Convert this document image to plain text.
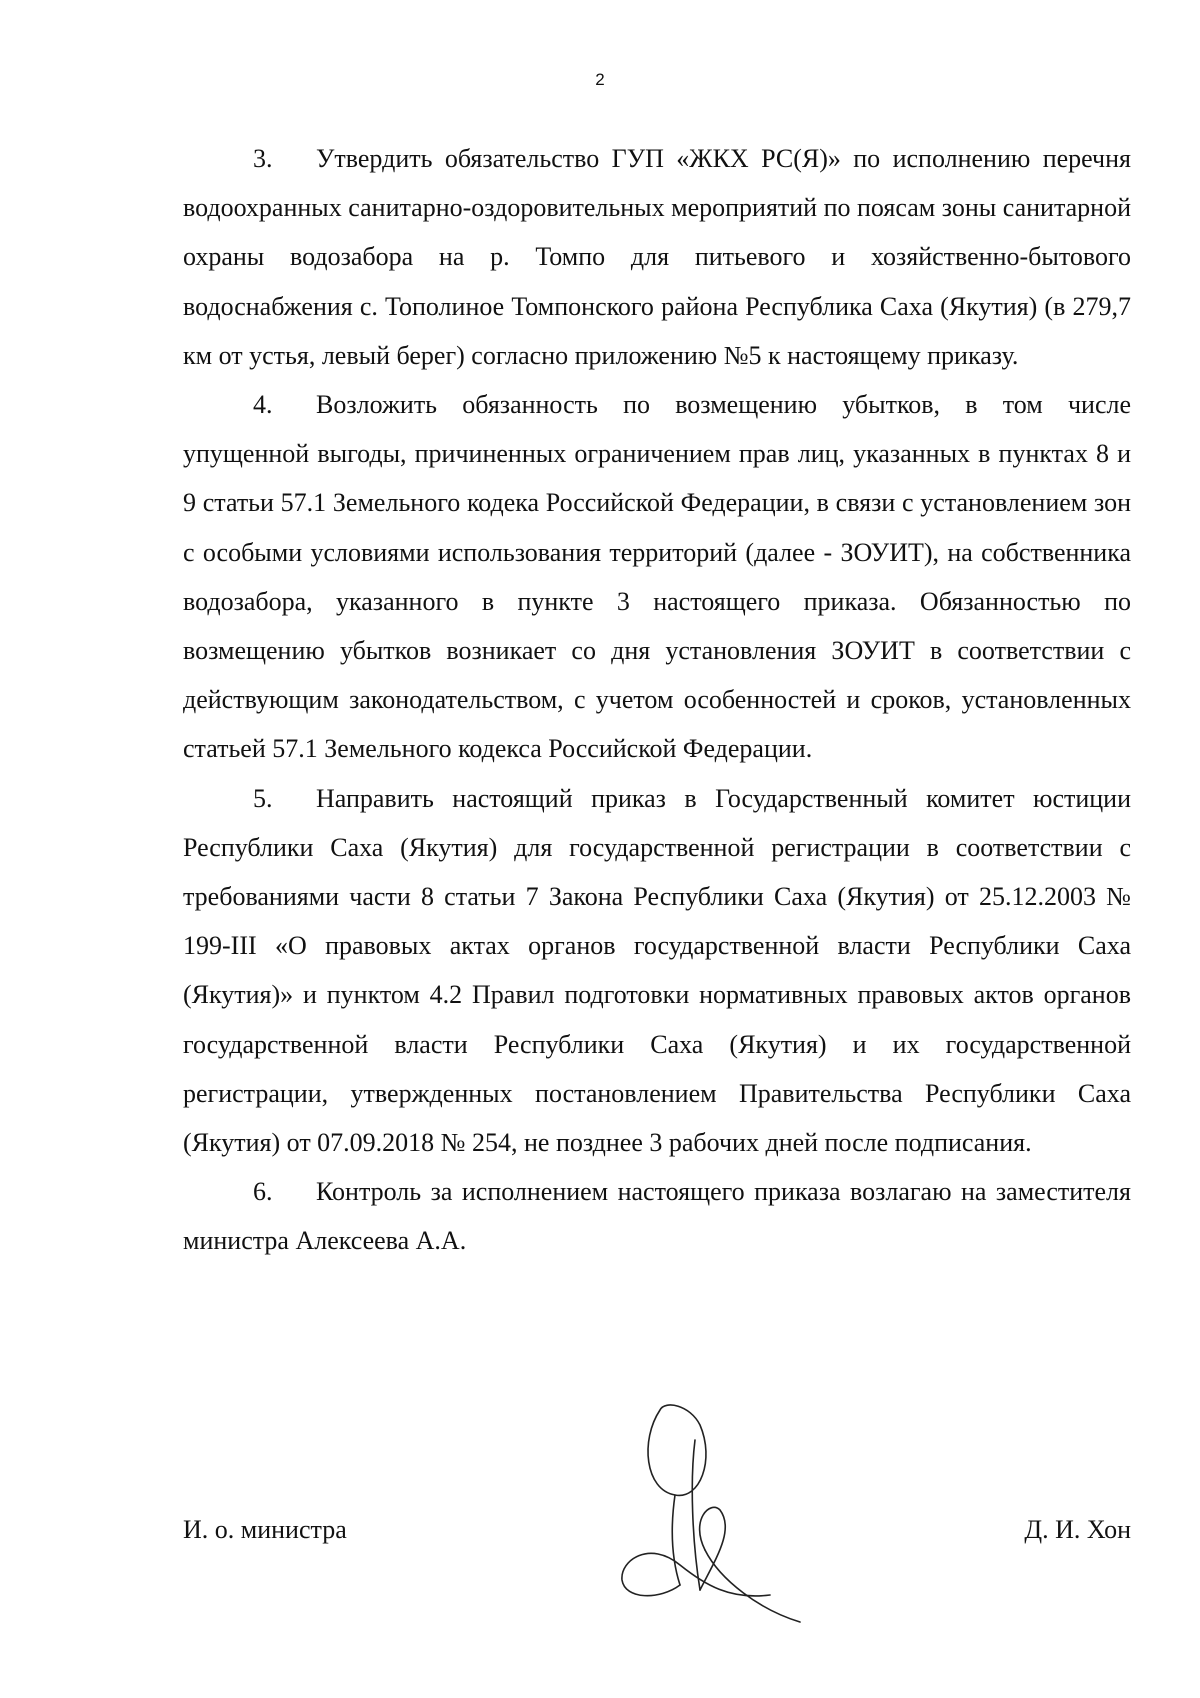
2

3. Утвердить обязательство ГУП «ЖКХ РС(Я)» по исполнению перечня водоохранных санитарно-оздоровительных мероприятий по поясам зоны санитарной охраны водозабора на р. Томпо для питьевого и хозяйственно-бытового водоснабжения с. Тополиное Томпонского района Республика Саха (Якутия) (в 279,7 км от устья, левый берег) согласно приложению №5 к настоящему приказу.

4. Возложить обязанность по возмещению убытков, в том числе упущенной выгоды, причиненных ограничением прав лиц, указанных в пунктах 8 и 9 статьи 57.1 Земельного кодека Российской Федерации, в связи с установлением зон с особыми условиями использования территорий (далее - ЗОУИТ), на собственника водозабора, указанного в пункте 3 настоящего приказа. Обязанностью по возмещению убытков возникает со дня установления ЗОУИТ в соответствии с действующим законодательством, с учетом особенностей и сроков, установленных статьей 57.1 Земельного кодекса Российской Федерации.

5. Направить настоящий приказ в Государственный комитет юстиции Республики Саха (Якутия) для государственной регистрации в соответствии с требованиями части 8 статьи 7 Закона Республики Саха (Якутия) от 25.12.2003 № 199-III «О правовых актах органов государственной власти Республики Саха (Якутия)» и пунктом 4.2 Правил подготовки нормативных правовых актов органов государственной власти Республики Саха (Якутия) и их государственной регистрации, утвержденных постановлением Правительства Республики Саха (Якутия) от 07.09.2018 № 254, не позднее 3 рабочих дней после подписания.

6. Контроль за исполнением настоящего приказа возлагаю на заместителя министра Алексеева А.А.

И. о. министра	Д. И. Хон
